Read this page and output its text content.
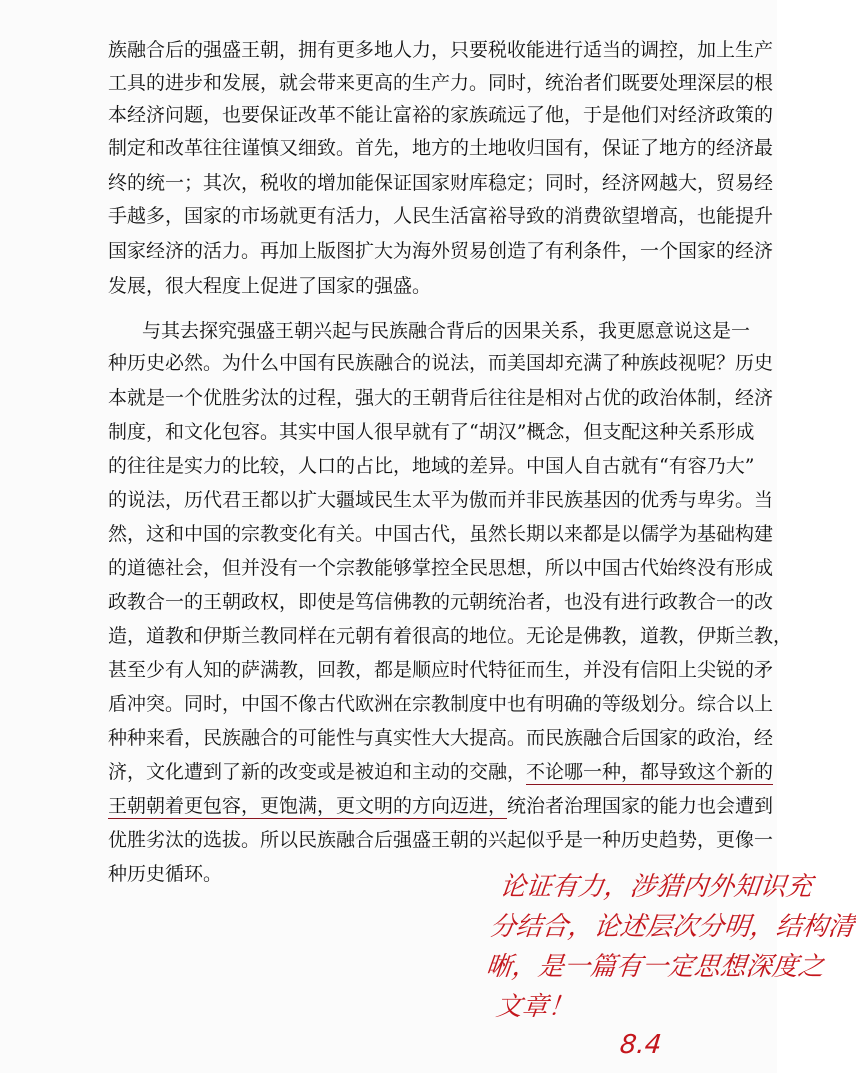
族融合后的强盛王朝，拥有更多地人力，只要税收能进行适当的调控，加上生产
工具的进步和发展，就会带来更高的生产力。同时，统治者们既要处理深层的根
本经济问题，也要保证改革不能让富裕的家族疏远了他，于是他们对经济政策的
制定和改革往往谨慎又细致。首先，地方的土地收归国有，保证了地方的经济最
终的统一；其次，税收的增加能保证国家财库稳定；同时，经济网越大，贸易经
手越多，国家的市场就更有活力，人民生活富裕导致的消费欲望增高，也能提升
国家经济的活力。再加上版图扩大为海外贸易创造了有利条件，一个国家的经济
发展，很大程度上促进了国家的强盛。
与其去探究强盛王朝兴起与民族融合背后的因果关系，我更愿意说这是一
种历史必然。为什么中国有民族融合的说法，而美国却充满了种族歧视呢？历史
本就是一个优胜劣汰的过程，强大的王朝背后往往是相对占优的政治体制，经济
制度，和文化包容。其实中国人很早就有了“胡汉”概念，但支配这种关系形成
的往往是实力的比较，人口的占比，地域的差异。中国人自古就有“有容乃大”
的说法，历代君王都以扩大疆域民生太平为傲而并非民族基因的优秀与卑劣。当
然，这和中国的宗教变化有关。中国古代，虽然长期以来都是以儒学为基础构建
的道德社会，但并没有一个宗教能够掌控全民思想，所以中国古代始终没有形成
政教合一的王朝政权，即使是笃信佛教的元朝统治者，也没有进行政教合一的改
造，道教和伊斯兰教同样在元朝有着很高的地位。无论是佛教，道教，伊斯兰教，
甚至少有人知的萨满教，回教，都是顺应时代特征而生，并没有信阳上尖锐的矛
盾冲突。同时，中国不像古代欧洲在宗教制度中也有明确的等级划分。综合以上
种种来看，民族融合的可能性与真实性大大提高。而民族融合后国家的政治，经
济，文化遭到了新的改变或是被迫和主动的交融，不论哪一种，都导致这个新的
王朝朝着更包容，更饱满，更文明的方向迈进，统治者治理国家的能力也会遭到
优胜劣汰的选拔。所以民族融合后强盛王朝的兴起似乎是一种历史趋势，更像一
种历史循环。	论证有力，涉猎内外知识充
分结合，论述层次分明，结构清
晰，是一篇有一定思想深度之
文章！
8.4
